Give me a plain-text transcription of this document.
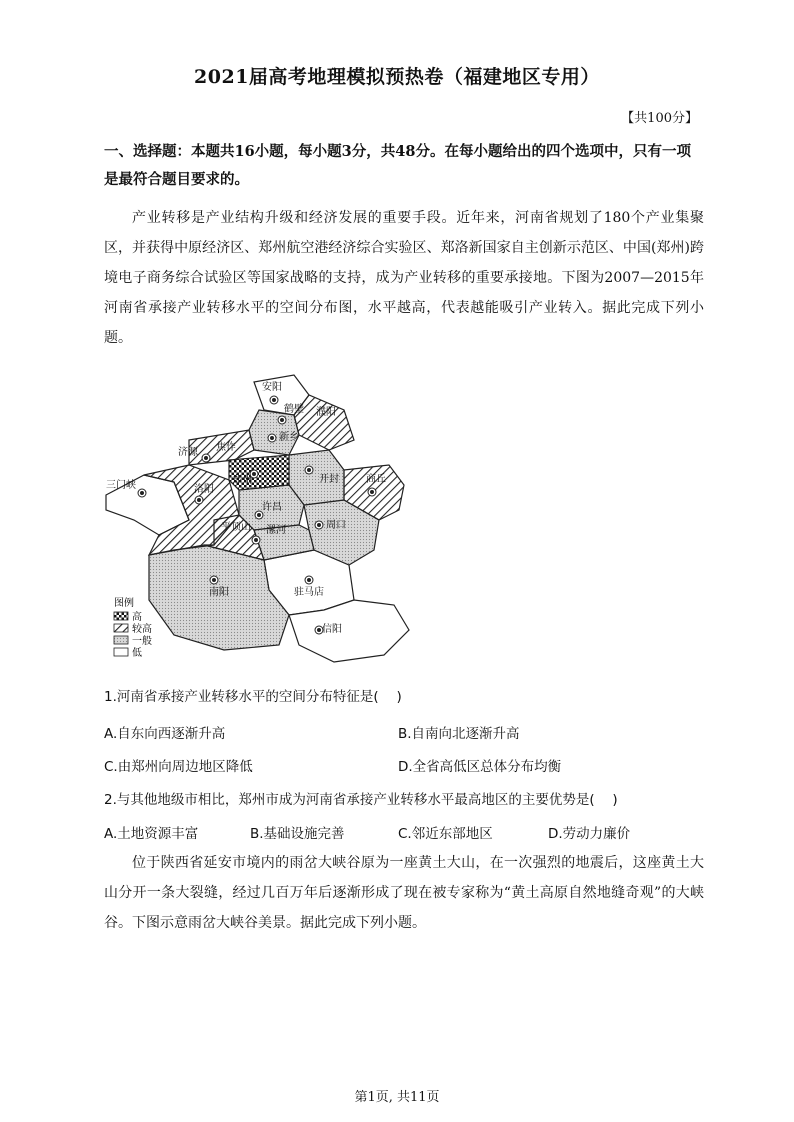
2021届高考地理模拟预热卷（福建地区专用）
【共100分】
一、选择题：本题共16小题，每小题3分，共48分。在每小题给出的四个选项中，只有一项是最符合题目要求的。
产业转移是产业结构升级和经济发展的重要手段。近年来，河南省规划了180个产业集聚区，并获得中原经济区、郑州航空港经济综合实验区、郑洛新国家自主创新示范区、中国(郑州)跨境电子商务综合试验区等国家战略的支持，成为产业转移的重要承接地。下图为2007—2015年河南省承接产业转移水平的空间分布图，水平越高，代表越能吸引产业转入。据此完成下列小题。
安阳
鹤壁 濮阳
新乡
焦作
济源
郑州	开封	商丘
三门峡	洛阳
许昌
平顶山 漯河	周口
南阳	驻马店
信阳
图例
高
较高
一般
低
1.河南省承接产业转移水平的空间分布特征是(　 )
A.自东向西逐渐升高	B.自南向北逐渐升高
C.由郑州向周边地区降低	D.全省高低区总体分布均衡
2.与其他地级市相比，郑州市成为河南省承接产业转移水平最高地区的主要优势是(　 )
A.土地资源丰富	B.基础设施完善	C.邻近东部地区	D.劳动力廉价
位于陕西省延安市境内的雨岔大峡谷原为一座黄土大山，在一次强烈的地震后，这座黄土大山分开一条大裂缝，经过几百万年后逐渐形成了现在被专家称为“黄土高原自然地缝奇观”的大峡谷。下图示意雨岔大峡谷美景。据此完成下列小题。
第1页, 共11页
